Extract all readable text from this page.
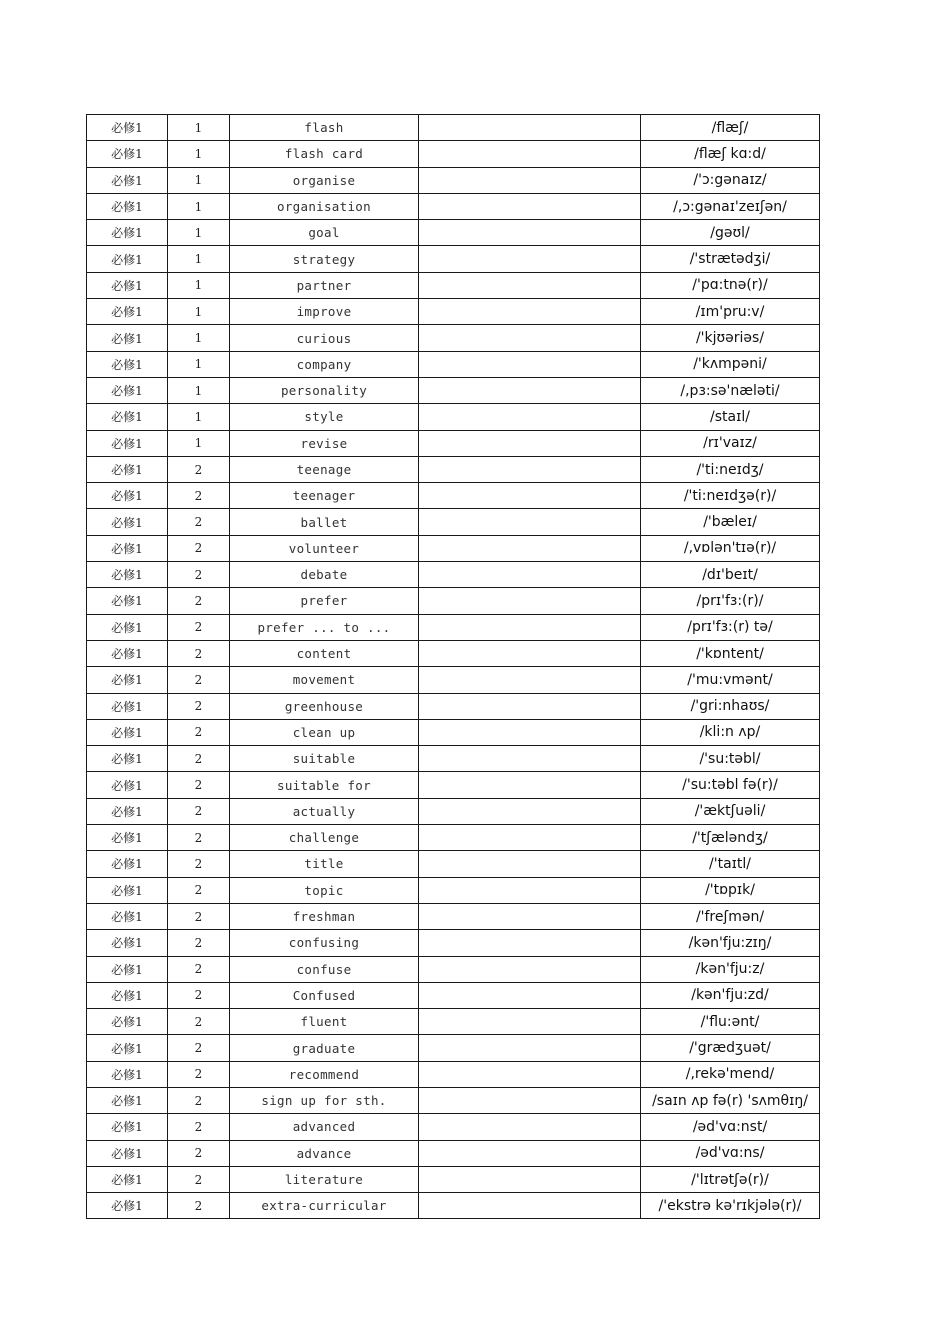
必修1	1	flash		/flæʃ/
必修1	1	flash card		/flæʃ kɑ:d/
必修1	1	organise		/'ɔ:gənaɪz/
必修1	1	organisation		/,ɔ:gənaɪ'zeɪʃən/
必修1	1	goal		/gəʊl/
必修1	1	strategy		/'strætədʒi/
必修1	1	partner		/'pɑ:tnə(r)/
必修1	1	improve		/ɪm'pru:v/
必修1	1	curious		/'kjʊəriəs/
必修1	1	company		/'kʌmpəni/
必修1	1	personality		/,pɜ:sə'næləti/
必修1	1	style		/staɪl/
必修1	1	revise		/rɪ'vaɪz/
必修1	2	teenage		/'ti:neɪdʒ/
必修1	2	teenager		/'ti:neɪdʒə(r)/
必修1	2	ballet		/'bæleɪ/
必修1	2	volunteer		/,vɒlən'tɪə(r)/
必修1	2	debate		/dɪ'beɪt/
必修1	2	prefer		/prɪ'fɜ:(r)/
必修1	2	prefer ... to ...		/prɪ'fɜ:(r) tə/
必修1	2	content		/'kɒntent/
必修1	2	movement		/'mu:vmənt/
必修1	2	greenhouse		/'gri:nhaʊs/
必修1	2	clean up		/kli:n ʌp/
必修1	2	suitable		/'su:təbl/
必修1	2	suitable for		/'su:təbl fə(r)/
必修1	2	actually		/'æktʃuəli/
必修1	2	challenge		/'tʃæləndʒ/
必修1	2	title		/'taɪtl/
必修1	2	topic		/'tɒpɪk/
必修1	2	freshman		/'freʃmən/
必修1	2	confusing		/kən'fju:zɪŋ/
必修1	2	confuse		/kən'fju:z/
必修1	2	Confused		/kən'fju:zd/
必修1	2	fluent		/'flu:ənt/
必修1	2	graduate		/'grædʒuət/
必修1	2	recommend		/,rekə'mend/
必修1	2	sign up for sth.		/saɪn ʌp fə(r) 'sʌmθɪŋ/
必修1	2	advanced		/əd'vɑ:nst/
必修1	2	advance		/əd'vɑ:ns/
必修1	2	literature		/'lɪtrətʃə(r)/
必修1	2	extra-curricular		/'ekstrə kə'rɪkjələ(r)/
